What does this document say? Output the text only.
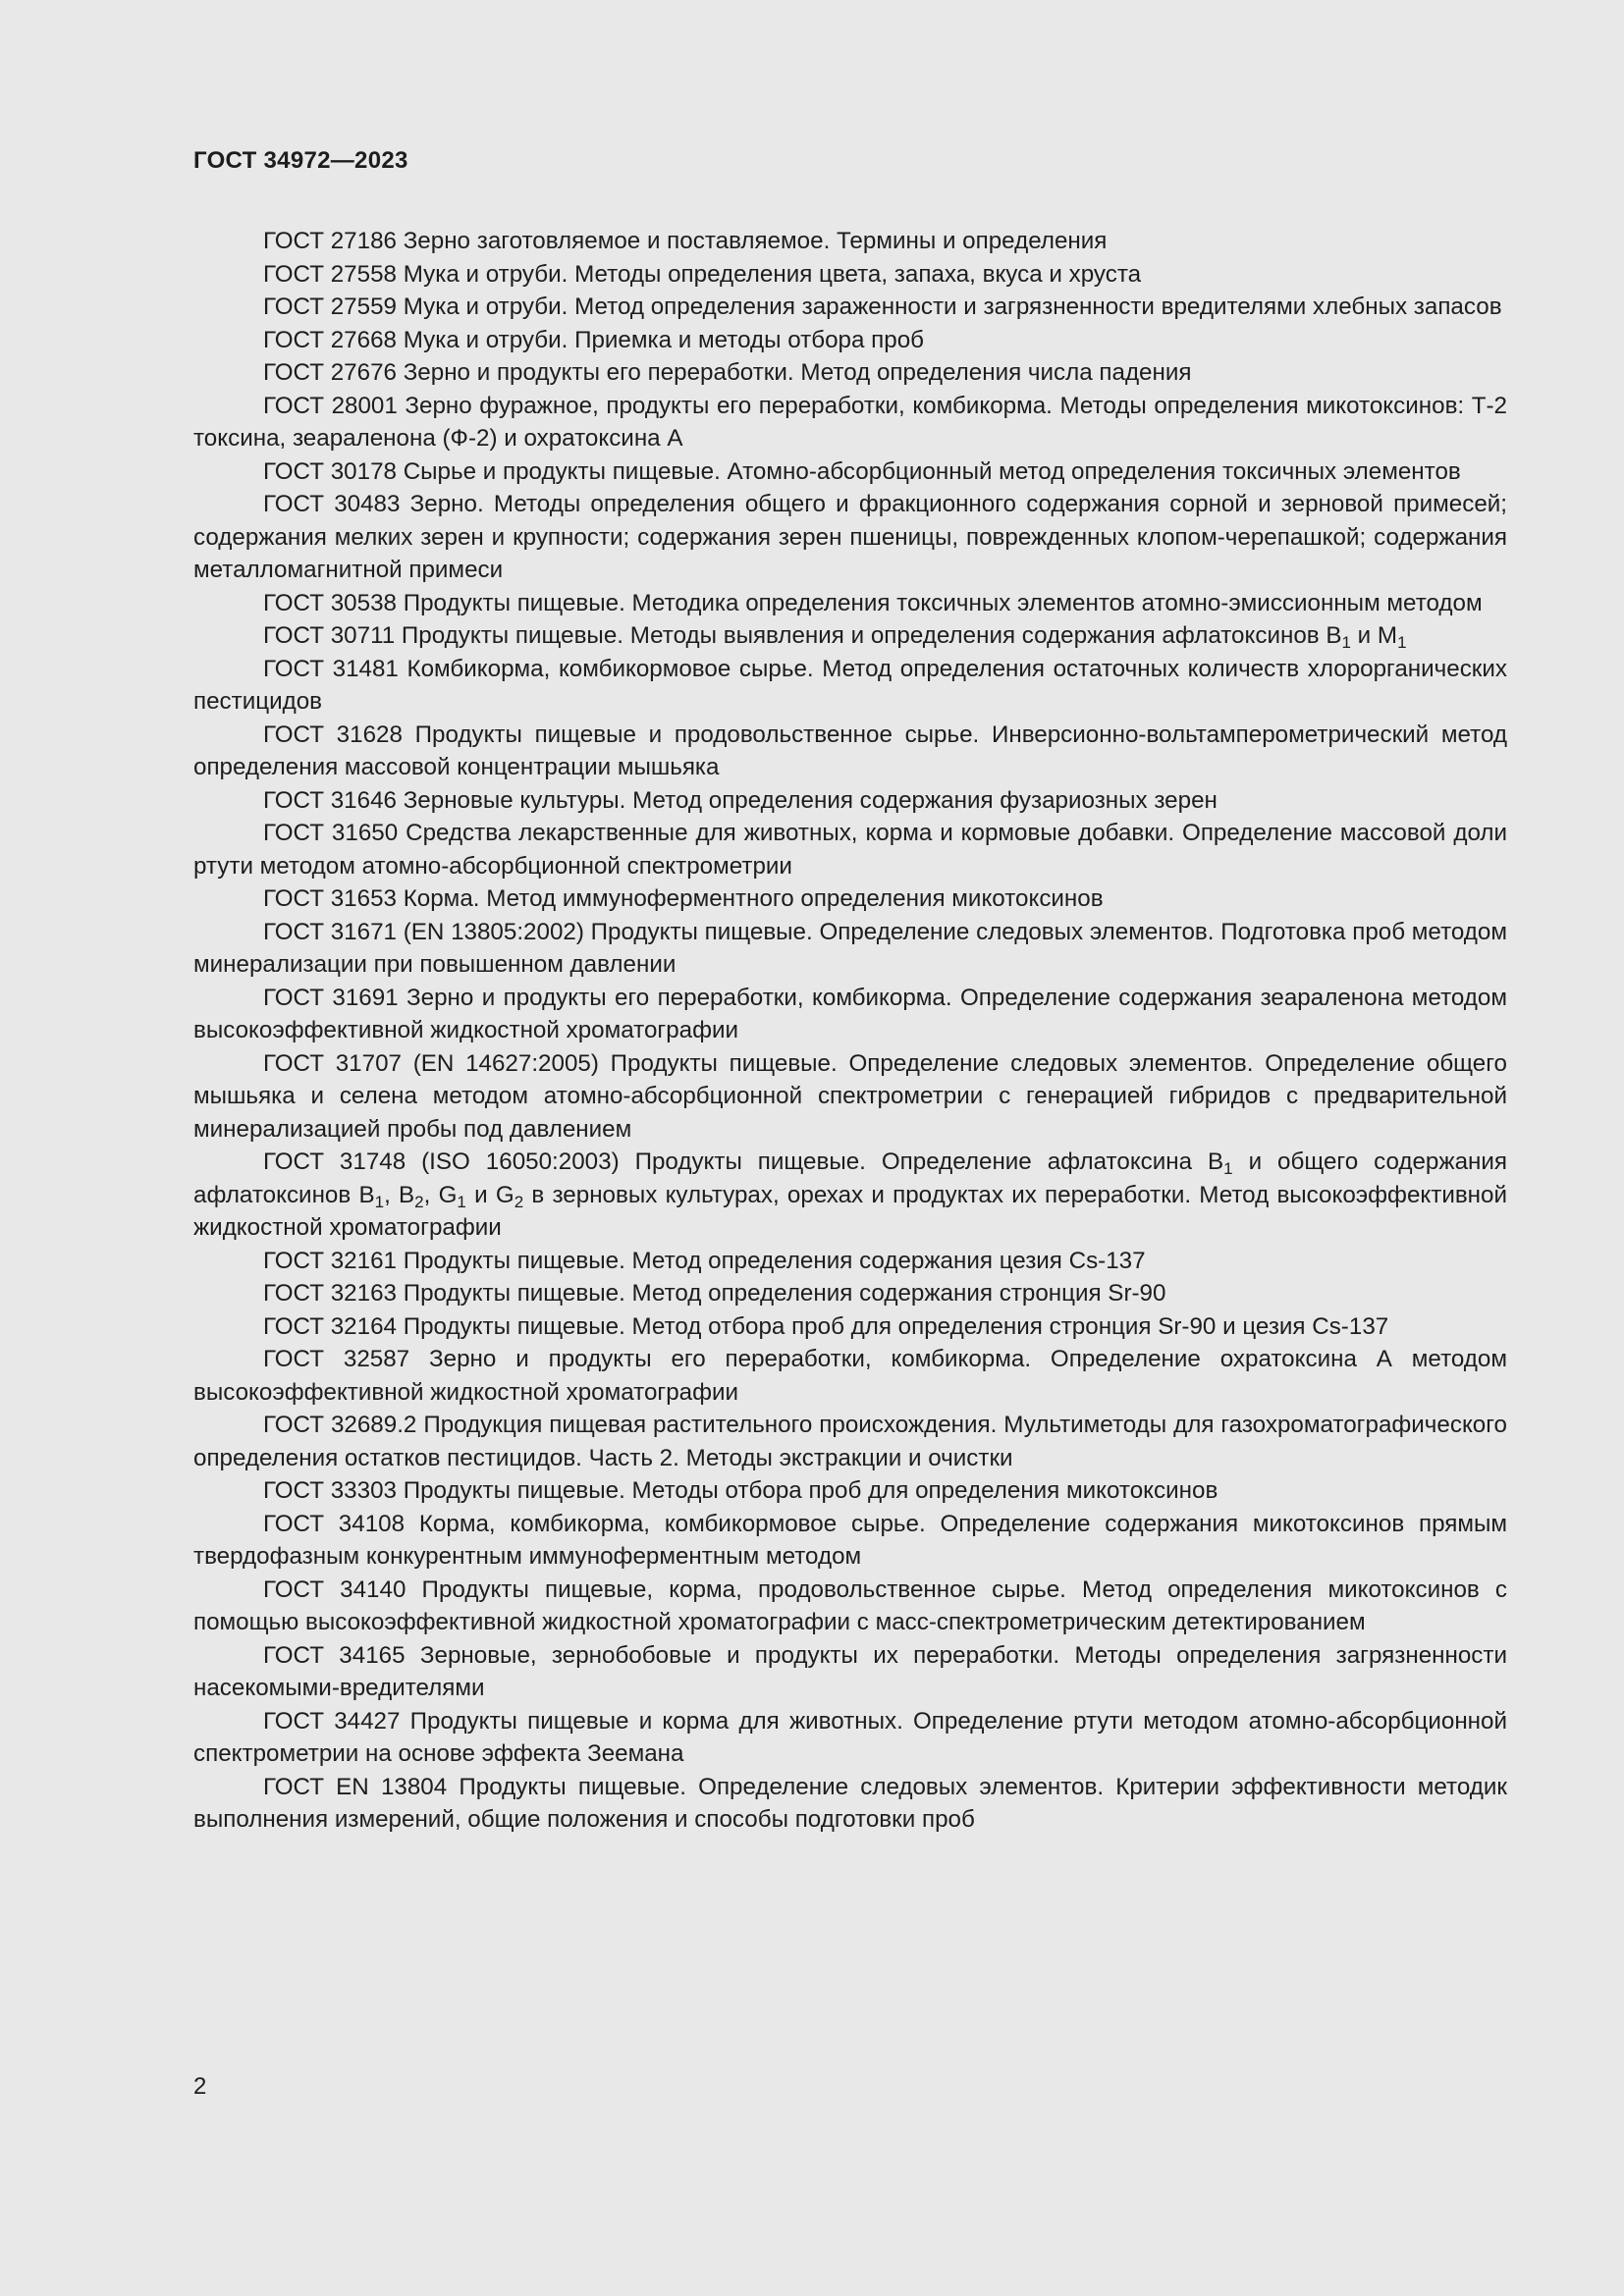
ГОСТ 34972—2023

ГОСТ 27186 Зерно заготовляемое и поставляемое. Термины и определения

ГОСТ 27558 Мука и отруби. Методы определения цвета, запаха, вкуса и хруста

ГОСТ 27559 Мука и отруби. Метод определения зараженности и загрязненности вредителями хлебных запасов

ГОСТ 27668 Мука и отруби. Приемка и методы отбора проб

ГОСТ 27676 Зерно и продукты его переработки. Метод определения числа падения

ГОСТ 28001 Зерно фуражное, продукты его переработки, комбикорма. Методы определения микотоксинов: Т-2 токсина, зеараленона (Ф-2) и охратоксина А

ГОСТ 30178 Сырье и продукты пищевые. Атомно-абсорбционный метод определения токсичных элементов

ГОСТ 30483 Зерно. Методы определения общего и фракционного содержания сорной и зерновой примесей; содержания мелких зерен и крупности; содержания зерен пшеницы, поврежденных клопом-черепашкой; содержания металломагнитной примеси

ГОСТ 30538 Продукты пищевые. Методика определения токсичных элементов атомно-эмиссионным методом

ГОСТ 30711 Продукты пищевые. Методы выявления и определения содержания афлатоксинов $B_1$ и $M_1$

ГОСТ 31481 Комбикорма, комбикормовое сырье. Метод определения остаточных количеств хлорорганических пестицидов

ГОСТ 31628 Продукты пищевые и продовольственное сырье. Инверсионно-вольтамперометрический метод определения массовой концентрации мышьяка

ГОСТ 31646 Зерновые культуры. Метод определения содержания фузариозных зерен

ГОСТ 31650 Средства лекарственные для животных, корма и кормовые добавки. Определение массовой доли ртути методом атомно-абсорбционной спектрометрии

ГОСТ 31653 Корма. Метод иммуноферментного определения микотоксинов

ГОСТ 31671 (EN 13805:2002) Продукты пищевые. Определение следовых элементов. Подготовка проб методом минерализации при повышенном давлении

ГОСТ 31691 Зерно и продукты его переработки, комбикорма. Определение содержания зеараленона методом высокоэффективной жидкостной хроматографии

ГОСТ 31707 (EN 14627:2005) Продукты пищевые. Определение следовых элементов. Определение общего мышьяка и селена методом атомно-абсорбционной спектрометрии с генерацией гибридов с предварительной минерализацией пробы под давлением

ГОСТ 31748 (ISO 16050:2003) Продукты пищевые. Определение афлатоксина $B_1$ и общего содержания афлатоксинов $B_1$, $B_2$, $G_1$ и $G_2$ в зерновых культурах, орехах и продуктах их переработки. Метод высокоэффективной жидкостной хроматографии

ГОСТ 32161 Продукты пищевые. Метод определения содержания цезия Cs-137

ГОСТ 32163 Продукты пищевые. Метод определения содержания стронция Sr-90

ГОСТ 32164 Продукты пищевые. Метод отбора проб для определения стронция Sr-90 и цезия Cs-137

ГОСТ 32587 Зерно и продукты его переработки, комбикорма. Определение охратоксина А методом высокоэффективной жидкостной хроматографии

ГОСТ 32689.2 Продукция пищевая растительного происхождения. Мультиметоды для газохроматографического определения остатков пестицидов. Часть 2. Методы экстракции и очистки

ГОСТ 33303 Продукты пищевые. Методы отбора проб для определения микотоксинов

ГОСТ 34108 Корма, комбикорма, комбикормовое сырье. Определение содержания микотоксинов прямым твердофазным конкурентным иммуноферментным методом

ГОСТ 34140 Продукты пищевые, корма, продовольственное сырье. Метод определения микотоксинов с помощью высокоэффективной жидкостной хроматографии с масс-спектрометрическим детектированием

ГОСТ 34165 Зерновые, зернобобовые и продукты их переработки. Методы определения загрязненности насекомыми-вредителями

ГОСТ 34427 Продукты пищевые и корма для животных. Определение ртути методом атомно-абсорбционной спектрометрии на основе эффекта Зеемана

ГОСТ EN 13804 Продукты пищевые. Определение следовых элементов. Критерии эффективности методик выполнения измерений, общие положения и способы подготовки проб

2
